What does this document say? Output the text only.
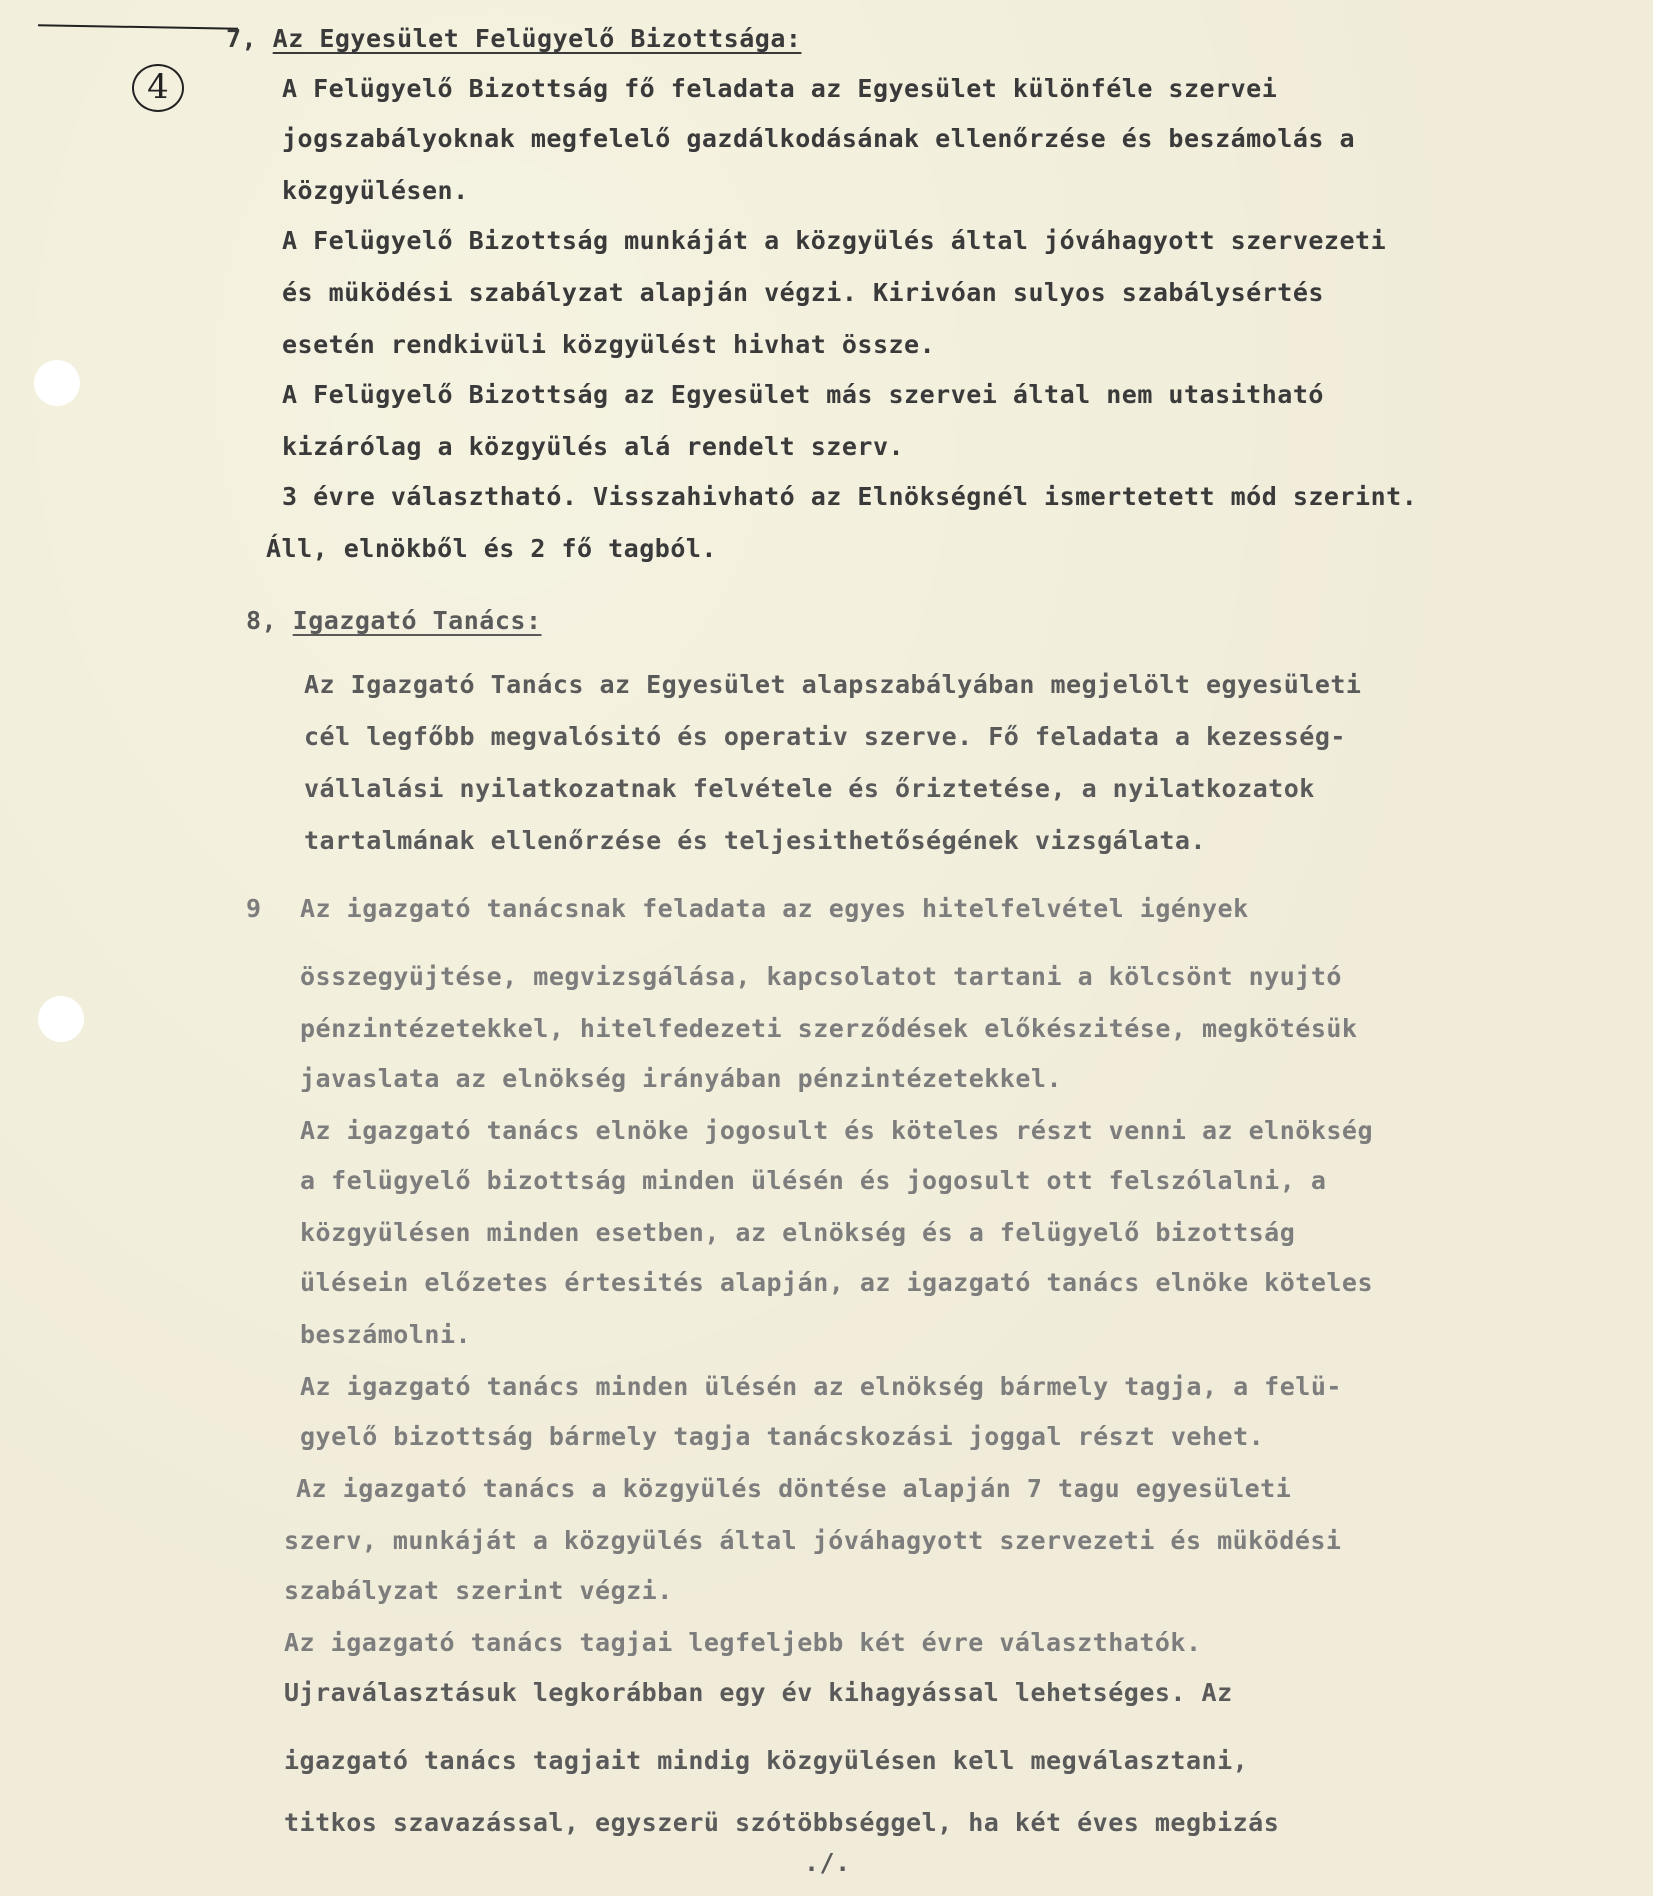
4
7, Az Egyesület Felügyelő Bizottsága:
A Felügyelő Bizottság fő feladata az Egyesület különféle szervei
jogszabályoknak megfelelő gazdálkodásának ellenőrzése és beszámolás a
közgyülésen.
A Felügyelő Bizottság munkáját a közgyülés által jóváhagyott szervezeti
és müködési szabályzat alapján végzi. Kirivóan sulyos szabálysértés
esetén rendkivüli közgyülést hivhat össze.
A Felügyelő Bizottság az Egyesület más szervei által nem utasitható
kizárólag a közgyülés alá rendelt szerv.
3 évre választható. Visszahivható az Elnökségnél ismertetett mód szerint.
Áll, elnökből és 2 fő tagból.
8, Igazgató Tanács:
Az Igazgató Tanács az Egyesület alapszabályában megjelölt egyesületi
cél legfőbb megvalósitó és operativ szerve. Fő feladata a kezesség-
vállalási nyilatkozatnak felvétele és őriztetése, a nyilatkozatok
tartalmának ellenőrzése és teljesithetőségének vizsgálata.
9 Az igazgató tanácsnak feladata az egyes hitelfelvétel igények
összegyüjtése, megvizsgálása, kapcsolatot tartani a kölcsönt nyujtó
pénzintézetekkel, hitelfedezeti szerződések előkészitése, megkötésük
javaslata az elnökség irányában pénzintézetekkel.
Az igazgató tanács elnöke jogosult és köteles részt venni az elnökség
a felügyelő bizottság minden ülésén és jogosult ott felszólalni, a
közgyülésen minden esetben, az elnökség és a felügyelő bizottság
ülésein előzetes értesités alapján, az igazgató tanács elnöke köteles
beszámolni.
Az igazgató tanács minden ülésén az elnökség bármely tagja, a felü-
gyelő bizottság bármely tagja tanácskozási joggal részt vehet.
Az igazgató tanács a közgyülés döntése alapján 7 tagu egyesületi
szerv, munkáját a közgyülés által jóváhagyott szervezeti és müködési
szabályzat szerint végzi.
Az igazgató tanács tagjai legfeljebb két évre választhatók.
Ujraválasztásuk legkorábban egy év kihagyással lehetséges. Az
igazgató tanács tagjait mindig közgyülésen kell megválasztani,
titkos szavazással, egyszerü szótöbbséggel, ha két éves megbizás
./.
